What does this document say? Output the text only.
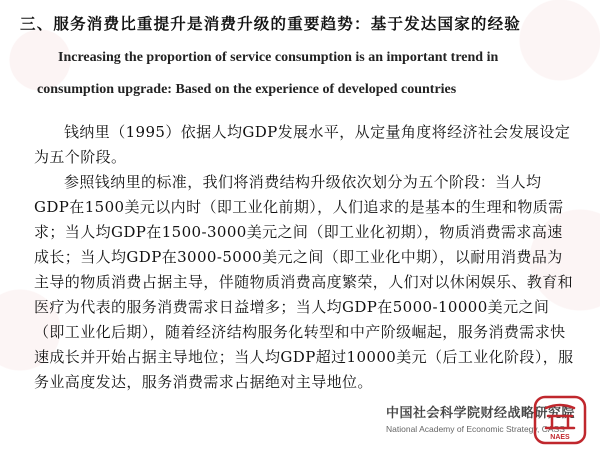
三、服务消费比重提升是消费升级的重要趋势：基于发达国家的经验
Increasing the proportion of service consumption is an important trend in
consumption upgrade: Based on the experience of developed countries

钱纳里（1995）依据人均GDP发展水平，从定量角度将经济社会发展设定为五个阶段。

参照钱纳里的标准，我们将消费结构升级依次划分为五个阶段：当人均GDP在1500美元以内时（即工业化前期），人们追求的是基本的生理和物质需求；当人均GDP在1500-3000美元之间（即工业化初期），物质消费需求高速成长；当人均GDP在3000-5000美元之间（即工业化中期），以耐用消费品为主导的物质消费占据主导，伴随物质消费高度繁荣，人们对以休闲娱乐、教育和医疗为代表的服务消费需求日益增多；当人均GDP在5000-10000美元之间（即工业化后期），随着经济结构服务化转型和中产阶级崛起，服务消费需求快速成长并开始占据主导地位；当人均GDP超过10000美元（后工业化阶段），服务业高度发达，服务消费需求占据绝对主导地位。

中国社会科学院财经战略研究院
National Academy of Economic Strategy, CASS
NAES
